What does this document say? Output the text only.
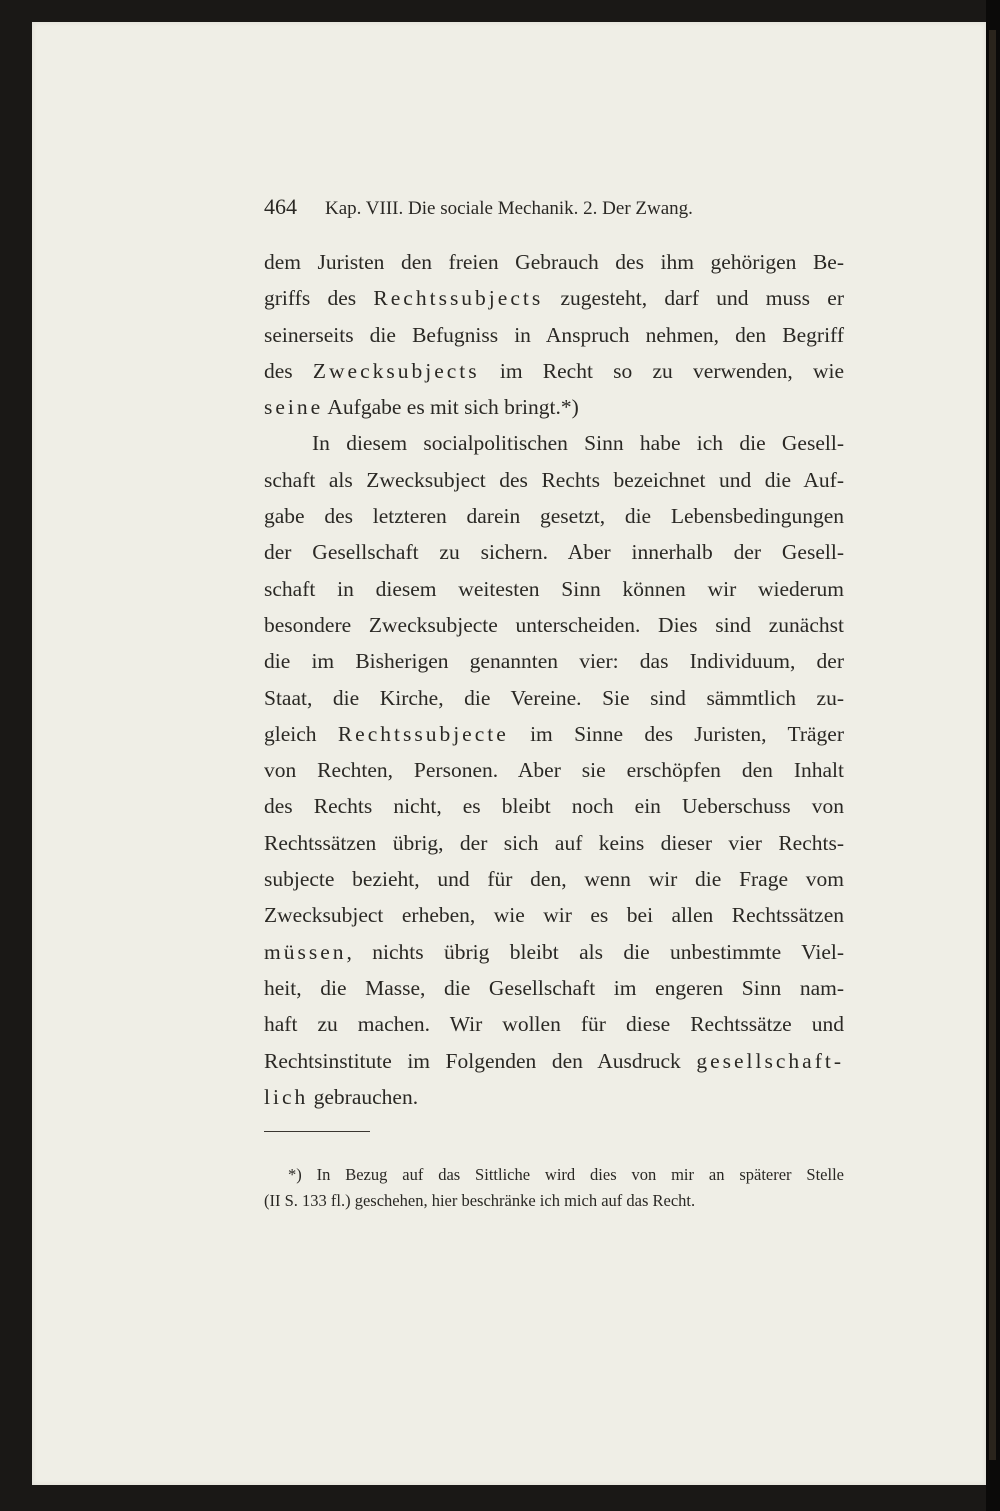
464 Kap. VIII. Die sociale Mechanik. 2. Der Zwang.
dem Juristen den freien Gebrauch des ihm gehörigen Be-
griffs des Rechtssubjects zugesteht, darf und muss er
seinerseits die Befugniss in Anspruch nehmen, den Begriff
des Zwecksubjects im Recht so zu verwenden, wie
seine Aufgabe es mit sich bringt.*)
In diesem socialpolitischen Sinn habe ich die Gesell-
schaft als Zwecksubject des Rechts bezeichnet und die Auf-
gabe des letzteren darein gesetzt, die Lebensbedingungen
der Gesellschaft zu sichern. Aber innerhalb der Gesell-
schaft in diesem weitesten Sinn können wir wiederum
besondere Zwecksubjecte unterscheiden. Dies sind zunächst
die im Bisherigen genannten vier: das Individuum, der
Staat, die Kirche, die Vereine. Sie sind sämmtlich zu-
gleich Rechtssubjecte im Sinne des Juristen, Träger
von Rechten, Personen. Aber sie erschöpfen den Inhalt
des Rechts nicht, es bleibt noch ein Ueberschuss von
Rechtssätzen übrig, der sich auf keins dieser vier Rechts-
subjecte bezieht, und für den, wenn wir die Frage vom
Zwecksubject erheben, wie wir es bei allen Rechtssätzen
müssen, nichts übrig bleibt als die unbestimmte Viel-
heit, die Masse, die Gesellschaft im engeren Sinn nam-
haft zu machen. Wir wollen für diese Rechtssätze und
Rechtsinstitute im Folgenden den Ausdruck gesellschaft-
lich gebrauchen.
*) In Bezug auf das Sittliche wird dies von mir an späterer Stelle
(II S. 133 fl.) geschehen, hier beschränke ich mich auf das Recht.
